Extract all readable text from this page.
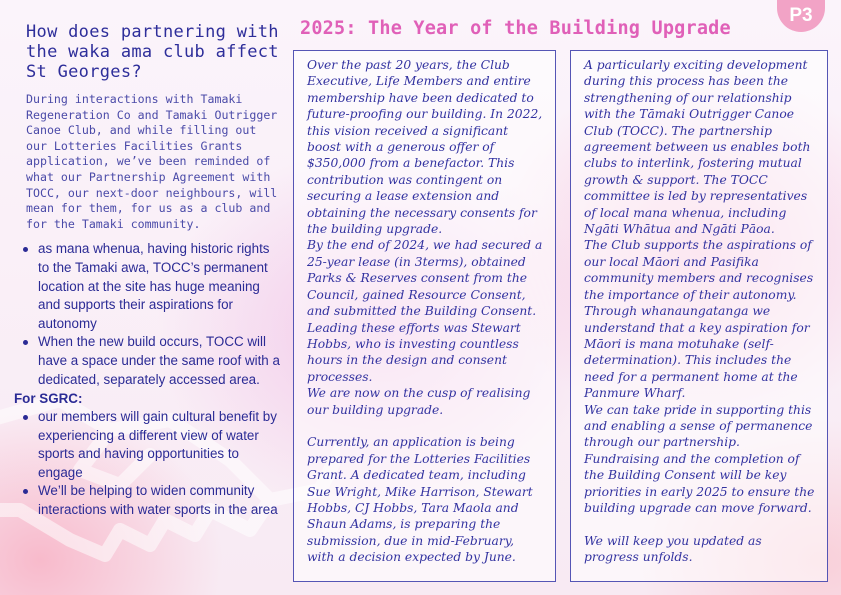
P3
2025: The Year of the Building Upgrade
How does partnering with the waka ama club affect St Georges?

During interactions with Tamaki Regeneration Co and Tamaki Outrigger Canoe Club, and while filling out our Lotteries Facilities Grants application, we’ve been reminded of what our Partnership Agreement with TOCC, our next-door neighbours, will mean for them, for us as a club and for the Tamaki community.

as mana whenua, having historic rights to the Tamaki awa, TOCC’s permanent location at the site has huge meaning and supports their aspirations for autonomy
When the new build occurs, TOCC will have a space under the same roof with a dedicated, separately accessed area.
For SGRC:
our members will gain cultural benefit by experiencing a different view of water sports and having opportunities to engage
We’ll be helping to widen community interactions with water sports in the area

Over the past 20 years, the Club Executive, Life Members and entire membership have been dedicated to future-proofing our building. In 2022, this vision received a significant boost with a generous offer of $350,000 from a benefactor. This contribution was contingent on securing a lease extension and obtaining the necessary consents for the building upgrade.

By the end of 2024, we had secured a 25-year lease (in 3terms), obtained Parks & Reserves consent from the Council, gained Resource Consent, and submitted the Building Consent.

Leading these efforts was Stewart Hobbs, who is investing countless hours in the design and consent processes.

We are now on the cusp of realising our building upgrade.

Currently, an application is being prepared for the Lotteries Facilities Grant. A dedicated team, including Sue Wright, Mike Harrison, Stewart Hobbs, CJ Hobbs, Tara Maola and Shaun Adams, is preparing the submission, due in mid-February, with a decision expected by June.

A particularly exciting development during this process has been the strengthening of our relationship with the Tāmaki Outrigger Canoe Club (TOCC). The partnership agreement between us enables both clubs to interlink, fostering mutual growth & support. The TOCC committee is led by representatives of local mana whenua, including Ngāti Whātua and Ngāti Pāoa.

The Club supports the aspirations of our local Māori and Pasifika community members and recognises the importance of their autonomy.

Through whanaungatanga we understand that a key aspiration for Māori is mana motuhake (self-determination). This includes the need for a permanent home at the Panmure Wharf.

We can take pride in supporting this and enabling a sense of permanence through our partnership.

Fundraising and the completion of the Building Consent will be key priorities in early 2025 to ensure the building upgrade can move forward.

We will keep you updated as progress unfolds.
